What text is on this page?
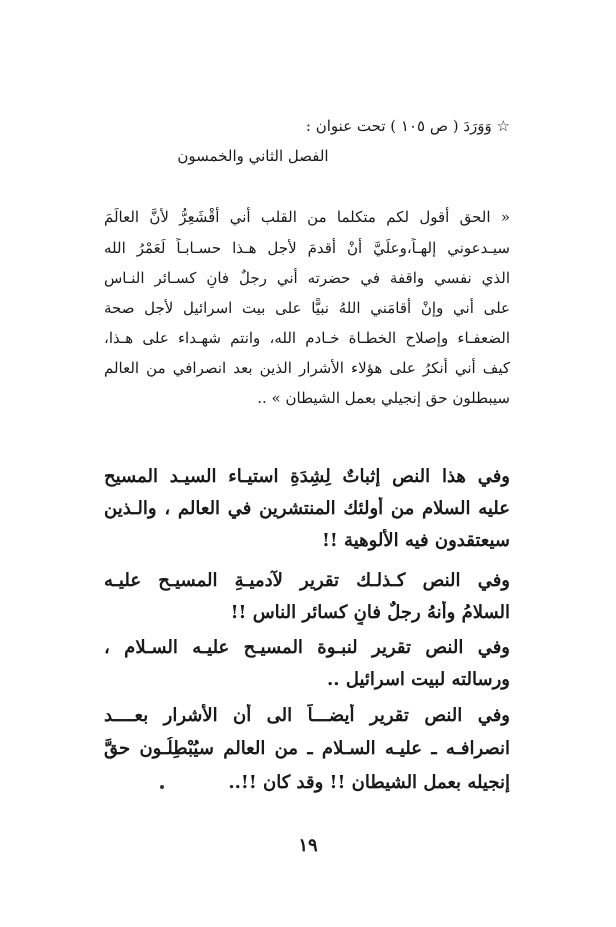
☆ وَوَرَدَ ( ص ١٠٥ ) تحت عنوان :
الفصل الثاني والخمسون
« الحق أقول لكم متكلما من القلب أني أَقْشَعِرُّ لأَنَّ العالَمَ
سيـدعوني إلهـاً،وعلَيَّ أنْ أُقدمَ لأجل هـذا حسـابـاً لَعَمْرُ الله
الذي نفسي واقفة في حضرته أني رجلٌ فانٍ كسـائر النـاس
على أني وإنْ أقامَني اللهُ نبيًّا على بيت اسرائيل لأجل صحة
الضعفـاء وإصلاح الخطـاة خـادم الله، وانتم شهـداء على هـذا،
كيف أني أُنكرُ على هؤلاء الأشرار الذين بعد انصرافي من العالم
سيبطلون حق إنجيلي بعمل الشيطان » ..
وفي هذا النص إثباتٌ لِشِدَةِ استيـاء السيـد المسيح
عليه السلام من أولئك المنتشرين في العالم ، والـذين
سيعتقدون فيه الألوهية !!
وفي النص كـذلـك تقرير لآدميـةِ المسيـح عليـه
السلامُ وأنهُ رجلٌ فانٍ كسائر الناس !!
وفي النص تقرير لنبـوة المسيـح عليـه السـلام ،
ورسالته لبيت اسرائيل ..
وفي النص تقرير أيضـــاً الى أن الأشرار بعــــد
انصرافـه ـ عليـه السـلام ـ من العالم سيُبْطِلُـون حقَّ
إنجيله بعمل الشيطان !! وقد كان !!..
١٩
